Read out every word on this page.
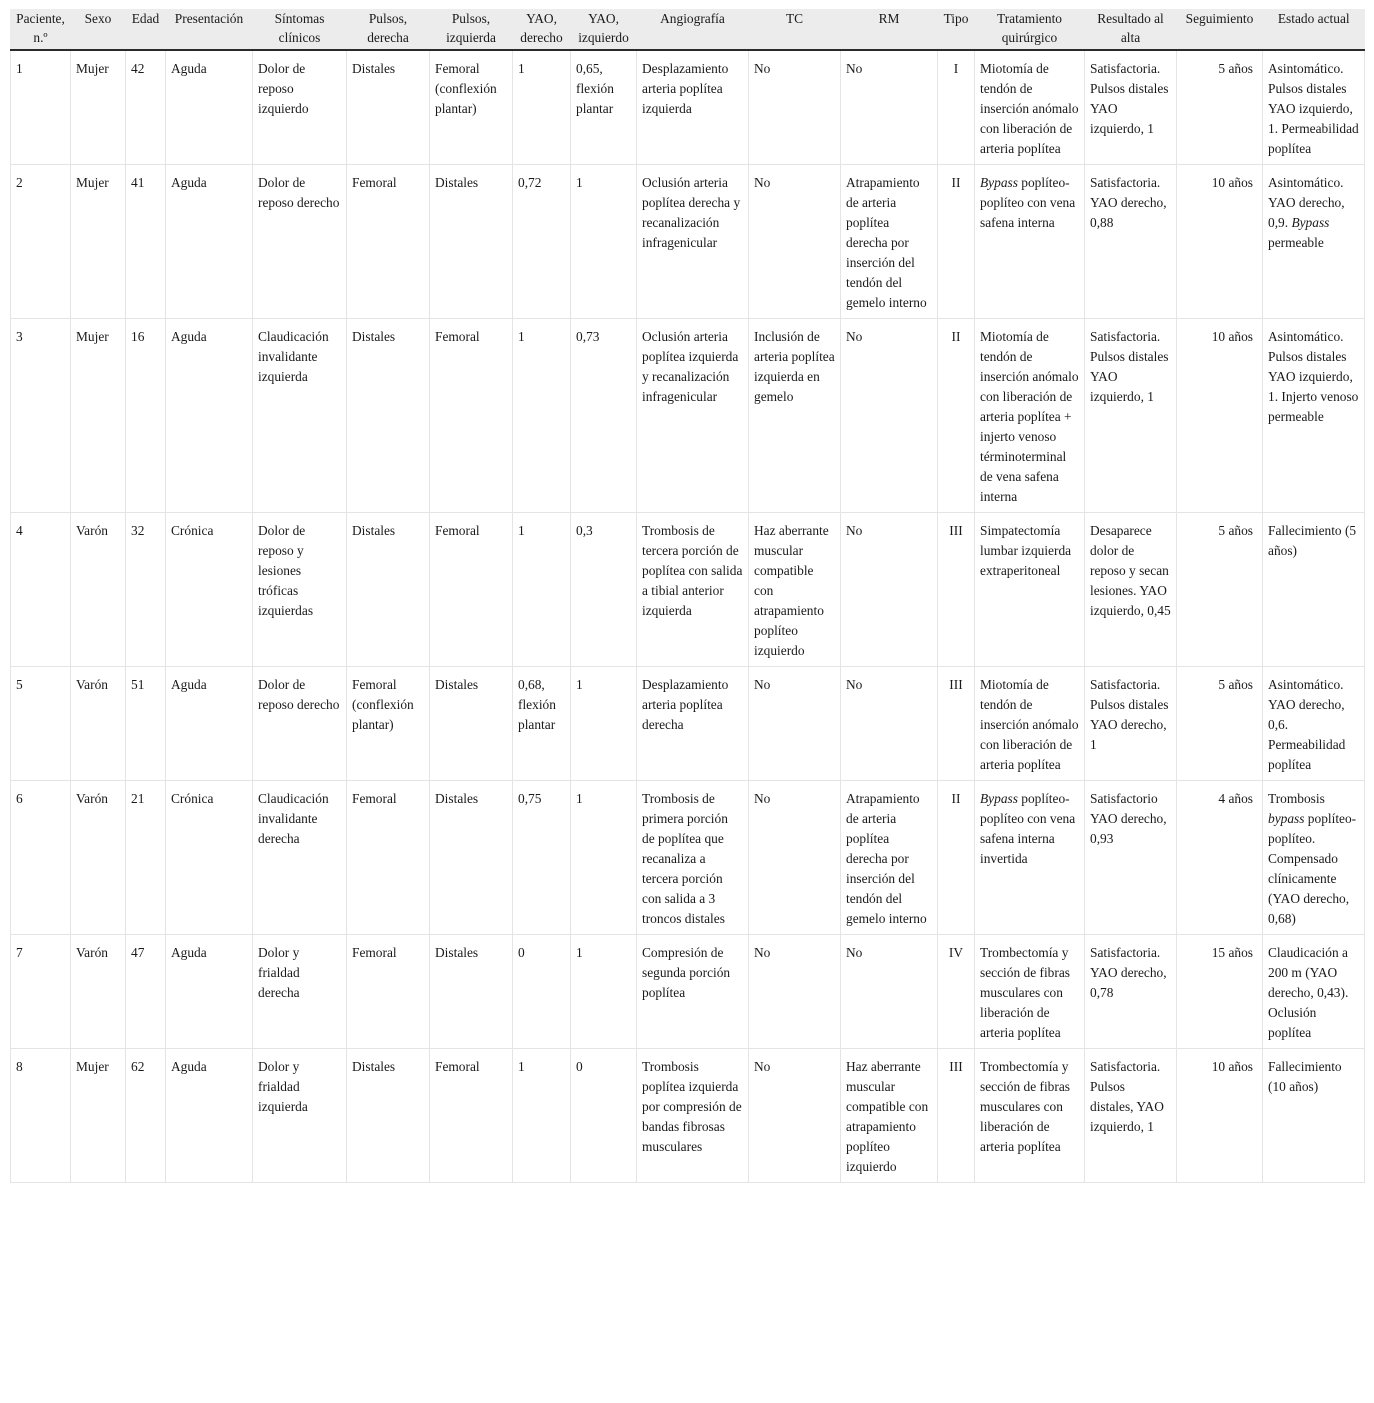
Paciente, n.º	Sexo	Edad	Presentación	Síntomas clínicos	Pulsos, derecha	Pulsos, izquierda	YAO, derecho	YAO, izquierdo	Angiografía	TC	RM	Tipo	Tratamiento quirúrgico	Resultado al alta	Seguimiento	Estado actual
1	Mujer	42	Aguda	Dolor de reposo izquierdo	Distales	Femoral (conflexión plantar)	1	0,65, flexión plantar	Desplazamiento arteria poplítea izquierda	No	No	I	Miotomía de tendón de inserción anómalo con liberación de arteria poplítea	Satisfactoria. Pulsos distales YAO izquierdo, 1	5 años	Asintomático. Pulsos distales YAO izquierdo, 1. Permeabilidad poplítea
2	Mujer	41	Aguda	Dolor de reposo derecho	Femoral	Distales	0,72	1	Oclusión arteria poplítea derecha y recanalización infragenicular	No	Atrapamiento de arteria poplítea derecha por inserción del tendón del gemelo interno	II	Bypass poplíteo-poplíteo con vena safena interna	Satisfactoria. YAO derecho, 0,88	10 años	Asintomático. YAO derecho, 0,9. Bypass permeable
3	Mujer	16	Aguda	Claudicación invalidante izquierda	Distales	Femoral	1	0,73	Oclusión arteria poplítea izquierda y recanalización infragenicular	Inclusión de arteria poplítea izquierda en gemelo	No	II	Miotomía de tendón de inserción anómalo con liberación de arteria poplítea + injerto venoso términoterminal de vena safena interna	Satisfactoria. Pulsos distales YAO izquierdo, 1	10 años	Asintomático. Pulsos distales YAO izquierdo, 1. Injerto venoso permeable
4	Varón	32	Crónica	Dolor de reposo y lesiones tróficas izquierdas	Distales	Femoral	1	0,3	Trombosis de tercera porción de poplítea con salida a tibial anterior izquierda	Haz aberrante muscular compatible con atrapamiento poplíteo izquierdo	No	III	Simpatectomía lumbar izquierda extraperitoneal	Desaparece dolor de reposo y secan lesiones. YAO izquierdo, 0,45	5 años	Fallecimiento (5 años)
5	Varón	51	Aguda	Dolor de reposo derecho	Femoral (conflexión plantar)	Distales	0,68, flexión plantar	1	Desplazamiento arteria poplítea derecha	No	No	III	Miotomía de tendón de inserción anómalo con liberación de arteria poplítea	Satisfactoria. Pulsos distales YAO derecho, 1	5 años	Asintomático. YAO derecho, 0,6. Permeabilidad poplítea
6	Varón	21	Crónica	Claudicación invalidante derecha	Femoral	Distales	0,75	1	Trombosis de primera porción de poplítea que recanaliza a tercera porción con salida a 3 troncos distales	No	Atrapamiento de arteria poplítea derecha por inserción del tendón del gemelo interno	II	Bypass poplíteo-poplíteo con vena safena interna invertida	Satisfactorio YAO derecho, 0,93	4 años	Trombosis bypass poplíteo-poplíteo. Compensado clínicamente (YAO derecho, 0,68)
7	Varón	47	Aguda	Dolor y frialdad derecha	Femoral	Distales	0	1	Compresión de segunda porción poplítea	No	No	IV	Trombectomía y sección de fibras musculares con liberación de arteria poplítea	Satisfactoria. YAO derecho, 0,78	15 años	Claudicación a 200 m (YAO derecho, 0,43). Oclusión poplítea
8	Mujer	62	Aguda	Dolor y frialdad izquierda	Distales	Femoral	1	0	Trombosis poplítea izquierda por compresión de bandas fibrosas musculares	No	Haz aberrante muscular compatible con atrapamiento poplíteo izquierdo	III	Trombectomía y sección de fibras musculares con liberación de arteria poplítea	Satisfactoria. Pulsos distales, YAO izquierdo, 1	10 años	Fallecimiento (10 años)
